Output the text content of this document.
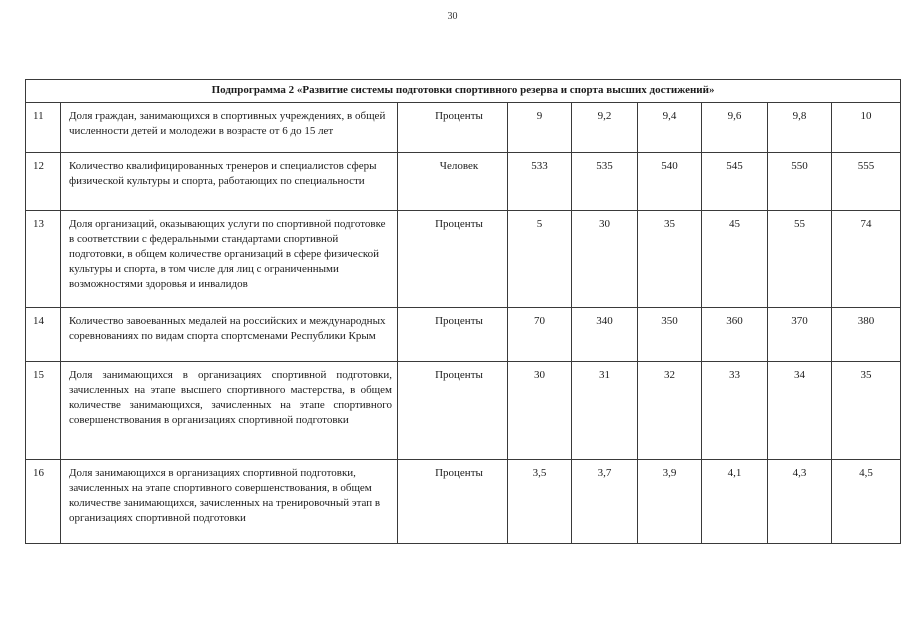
30
Подпрограмма 2 «Развитие системы подготовки спортивного резерва и спорта высших достижений»								
11	Доля граждан, занимающихся в спортивных учреждениях, в общей численности детей и молодежи в возрасте от 6 до 15 лет	Проценты	9	9,2	9,4	9,6	9,8	10
12	Количество квалифицированных тренеров и специалистов сферы физической культуры и спорта, работающих по специальности	Человек	533	535	540	545	550	555
13	Доля организаций, оказывающих услуги по спортивной подготовке в соответствии с федеральными стандартами спортивной подготовки, в общем количестве организаций в сфере физической культуры и спорта, в том числе для лиц с ограниченными возможностями здоровья и инвалидов	Проценты	5	30	35	45	55	74
14	Количество завоеванных медалей на российских и международных соревнованиях по видам спорта спортсменами Республики Крым	Проценты	70	340	350	360	370	380
15	Доля занимающихся в организациях спортивной подготовки, зачисленных на этапе высшего спортивного мастерства, в общем количестве занимающихся, зачисленных на этапе спортивного совершенствования в организациях спортивной подготовки	Проценты	30	31	32	33	34	35
16	Доля занимающихся в организациях спортивной подготовки, зачисленных на этапе спортивного совершенствования, в общем количестве занимающихся, зачисленных на тренировочный этап в организациях спортивной подготовки	Проценты	3,5	3,7	3,9	4,1	4,3	4,5
